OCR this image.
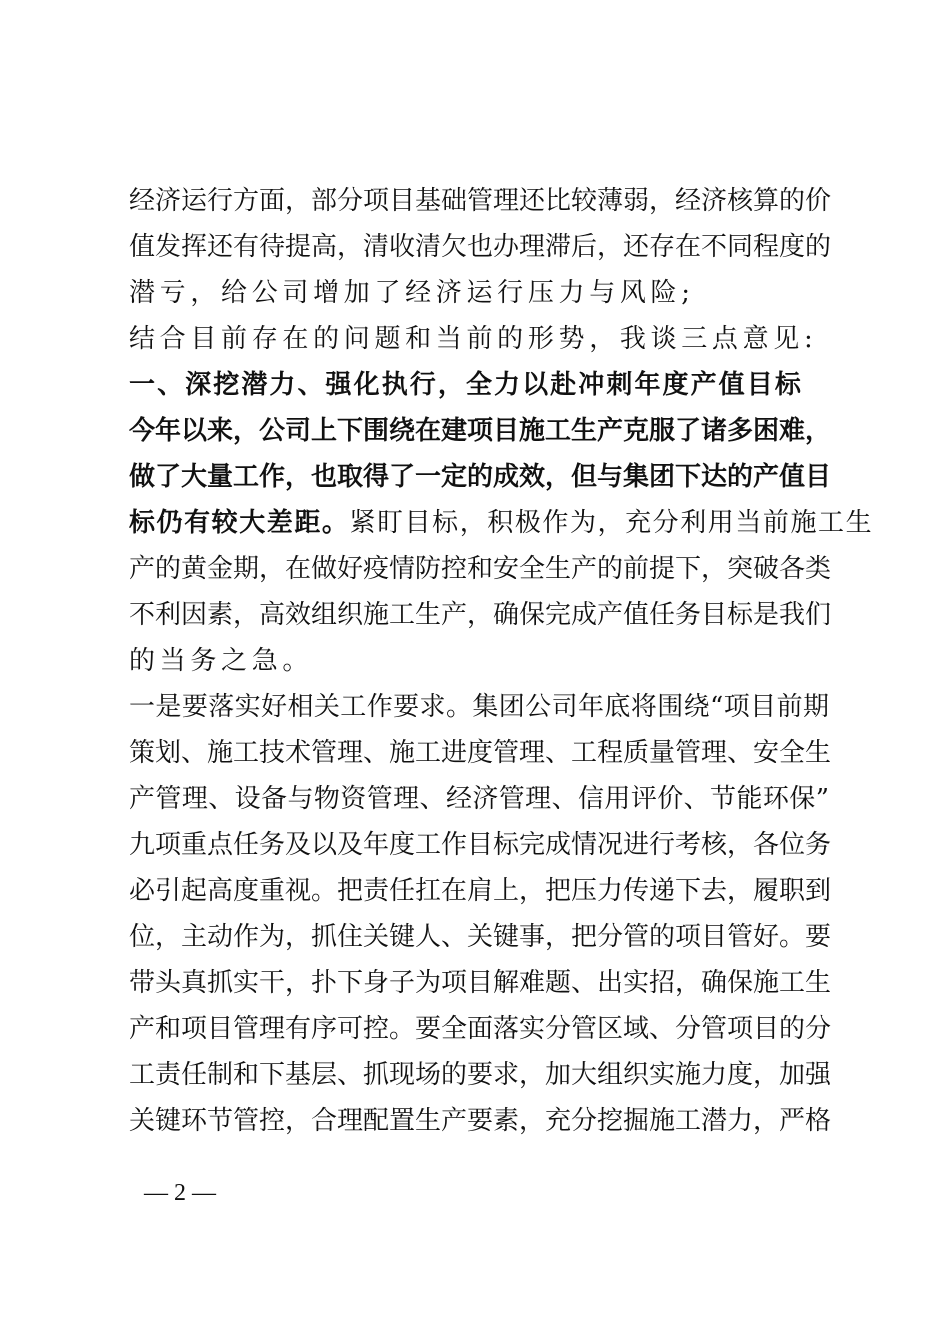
经济运行方面，部分项目基础管理还比较薄弱，经济核算的价
值发挥还有待提高，清收清欠也办理滞后，还存在不同程度的
潜亏，给公司增加了经济运行压力与风险;
结合目前存在的问题和当前的形势，我谈三点意见:
一、深挖潜力、强化执行，全力以赴冲刺年度产值目标
今年以来，公司上下围绕在建项目施工生产克服了诸多困难，
做了大量工作，也取得了一定的成效，但与集团下达的产值目
标仍有较大差距。紧盯目标，积极作为，充分利用当前施工生
产的黄金期，在做好疫情防控和安全生产的前提下，突破各类
不利因素，高效组织施工生产，确保完成产值任务目标是我们
的当务之急。
一是要落实好相关工作要求。集团公司年底将围绕“项目前期
策划、施工技术管理、施工进度管理、工程质量管理、安全生
产管理、设备与物资管理、经济管理、信用评价、节能环保”
九项重点任务及以及年度工作目标完成情况进行考核，各位务
必引起高度重视。把责任扛在肩上，把压力传递下去，履职到
位，主动作为，抓住关键人、关键事，把分管的项目管好。要
带头真抓实干，扑下身子为项目解难题、出实招，确保施工生
产和项目管理有序可控。要全面落实分管区域、分管项目的分
工责任制和下基层、抓现场的要求，加大组织实施力度，加强
关键环节管控，合理配置生产要素，充分挖掘施工潜力，严格
— 2 —
